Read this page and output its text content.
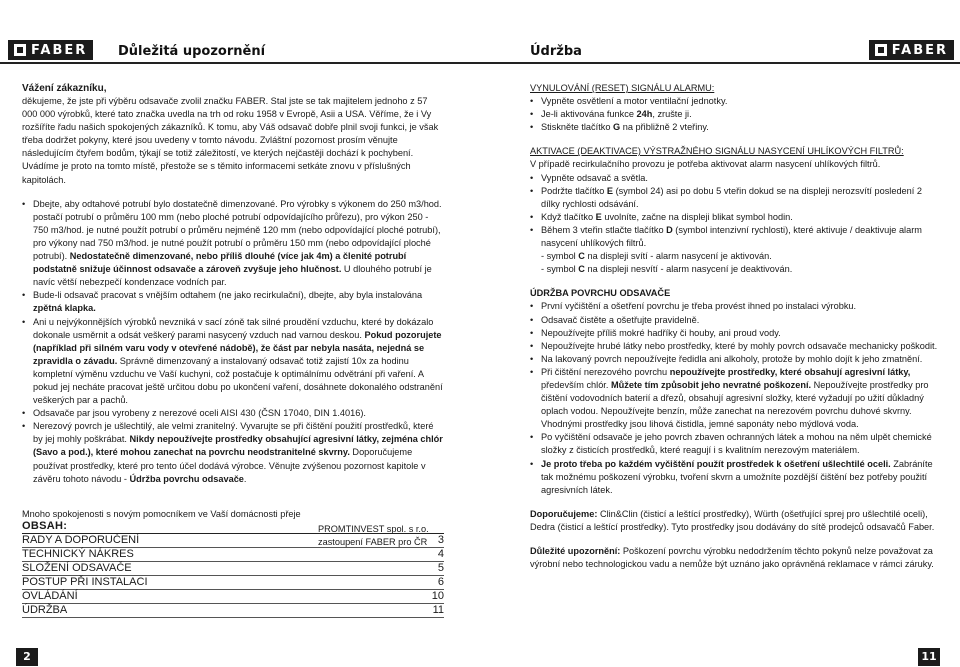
FABER Důležitá upozornění
Vážení zákazníku,

děkujeme, že jste při výběru odsavače zvolil značku FABER. Stal jste se tak majitelem jednoho z 57 000 000 výrobků, které tato značka uvedla na trh od roku 1958 v Evropě, Asii a USA. Věříme, že i Vy rozšíříte řadu našich spokojených zákazníků. K tomu, aby Váš odsavač dobře plnil svoji funkci, je však třeba dodržet pokyny, které jsou uvedeny v tomto návodu. Zvláštní pozornost prosím věnujte následujícím čtyřem bodům, týkají se totiž záležitostí, ve kterých nejčastěji dochází k pochybení. Uvádíme je proto na tomto místě, přestože se s těmito informacemi setkáte znovu v příslušných kapitolách.

• Dbejte, aby odtahové potrubí bylo dostatečně dimenzované. Pro výrobky s výkonem do 250 m3/hod. postačí potrubí o průměru 100 mm (nebo ploché potrubí odpovídajícího průřezu), pro výkon 250 - 750 m3/hod. je nutné použít potrubí o průměru nejméně 120 mm (nebo odpovídající ploché potrubí), pro výkony nad 750 m3/hod. je nutné použít potrubí o průměru 150 mm (nebo odpovídající ploché potrubí). Nedostatečně dimenzované, nebo příliš dlouhé (více jak 4m) a členité potrubí podstatně snižuje účinnost odsavače a zároveň zvyšuje jeho hlučnost. U dlouhého potrubí je navíc větší nebezpečí kondenzace vodních par.
• Bude-li odsavač pracovat s vnějším odtahem (ne jako recirkulační), dbejte, aby byla instalována zpětná klapka.
• Ani u nejvýkonnějších výrobků nevzniká v sací zóně tak silné proudění vzduchu, které by dokázalo dokonale usměrnit a odsát veškerý parami nasycený vzduch nad varnou deskou. Pokud pozorujete (například při silném varu vody v otevřené nádobě), že část par nebyla nasáta, nejedná se zpravidla o závadu. Správně dimenzovaný a instalovaný odsavač totiž zajistí 10x za hodinu kompletní výměnu vzduchu ve Vaší kuchyni, což postačuje k optimálnímu odvětrání při vaření. A pokud jej necháte pracovat ještě určitou dobu po ukončení vaření, dosáhnete dokonalého odstranění veškerých par a pachů.
• Odsavače par jsou vyrobeny z nerezové oceli AISI 430 (ČSN 17040, DIN 1.4016).
• Nerezový povrch je ušlechtilý, ale velmi zranitelný. Vyvarujte se při čištění použití prostředků, které by jej mohly poškrábat. Nikdy nepoužívejte prostředky obsahující agresivní látky, zejména chlór (Savo a pod.), které mohou zanechat na povrchu neodstranitelné skvrny. Doporučujeme používat prostředky, které pro tento účel dodává výrobce. Věnujte zvýšenou pozornost kapitole v závěru tohoto návodu - Údržba povrchu odsavače.

Mnoho spokojenosti s novým pomocníkem ve Vaší domácnosti přeje

PROMTINVEST spol. s r.o.

zastoupení FABER pro ČR

OBSAH:
RADY A DOPORUČENÍ	3
TECHNICKÝ NÁKRES	4
SLOŽENÍ ODSAVAČE	5
POSTUP PŘI INSTALACI	6
OVLÁDÁNÍ	10
ÚDRŽBA	11
2
Údržba	FABER
VYNULOVÁNÍ (RESET) SIGNÁLU ALARMU:
• Vypněte osvětlení a motor ventilační jednotky.
• Je-li aktivována funkce 24h, zrušte ji.
• Stiskněte tlačítko G na přibližně 2 vteřiny.
AKTIVACE (DEAKTIVACE) VÝSTRAŽNÉHO SIGNÁLU NASYCENÍ UHLÍKOVÝCH FILTRŮ:

V případě recirkulačního provozu je potřeba aktivovat alarm nasycení uhlíkových filtrů.

• Vypněte odsavač a světla.
• Podržte tlačítko E (symbol 24) asi po dobu 5 vteřin dokud se na displeji nerozsvítí posledení 2 dílky rychlosti odsávání.
• Když tlačítko E uvolníte, začne na displeji blikat symbol hodin.
• Během 3 vteřin stlačte tlačítko D (symbol intenzivní rychlosti), které aktivuje / deaktivuje alarm nasycení uhlíkových filtrů.

- symbol C na displeji svítí - alarm nasycení je aktivován.

- symbol C na displeji nesvítí - alarm nasycení je deaktivován.

ÚDRŽBA POVRCHU ODSAVAČE
• První vyčištění a ošetření povrchu je třeba provést ihned po instalaci výrobku.
• Odsavač čistěte a ošetřujte pravidelně.
• Nepoužívejte příliš mokré hadříky či houby, ani proud vody.
• Nepoužívejte hrubé látky nebo prostředky, které by mohly povrch odsavače mechanicky poškodit.
• Na lakovaný povrch nepoužívejte ředidla ani alkoholy, protože by mohlo dojít k jeho zmatnění.
• Při čištění nerezového povrchu nepoužívejte prostředky, které obsahují agresivní látky, především chlór. Můžete tím způsobit jeho nevratné poškození. Nepoužívejte prostředky pro čištění vodovodních baterií a dřezů, obsahují agresivní složky, které vyžadují po užití důkladný oplach vodou. Nepoužívejte benzín, může zanechat na nerezovém povrchu duhové skvrny. Vhodnými prostředky jsou lihová čistidla, jemné saponáty nebo mýdlová voda.
• Po vyčištění odsavače je jeho povrch zbaven ochranných látek a mohou na něm ulpět chemické složky z čisticích prostředků, které reagují i s kvalitním nerezovým materiálem.
• Je proto třeba po každém vyčištění použít prostředek k ošetření ušlechtilé oceli. Zabráníte tak možnému poškození výrobku, tvoření skvrn a umožníte pozdější čištění bez potřeby použití agresivních látek.

Doporučujeme: Clin&Clin (čisticí a leštící prostředky), Würth (ošetřující sprej pro ušlechtilé oceli), Dedra (čisticí a leštící prostředky). Tyto prostředky jsou dodávány do sítě prodejců odsavačů Faber.

Důležité upozornění: Poškození povrchu výrobku nedodržením těchto pokynů nelze považovat za výrobní nebo technologickou vadu a nemůže být uznáno jako oprávněná reklamace v rámci záruky.

11
